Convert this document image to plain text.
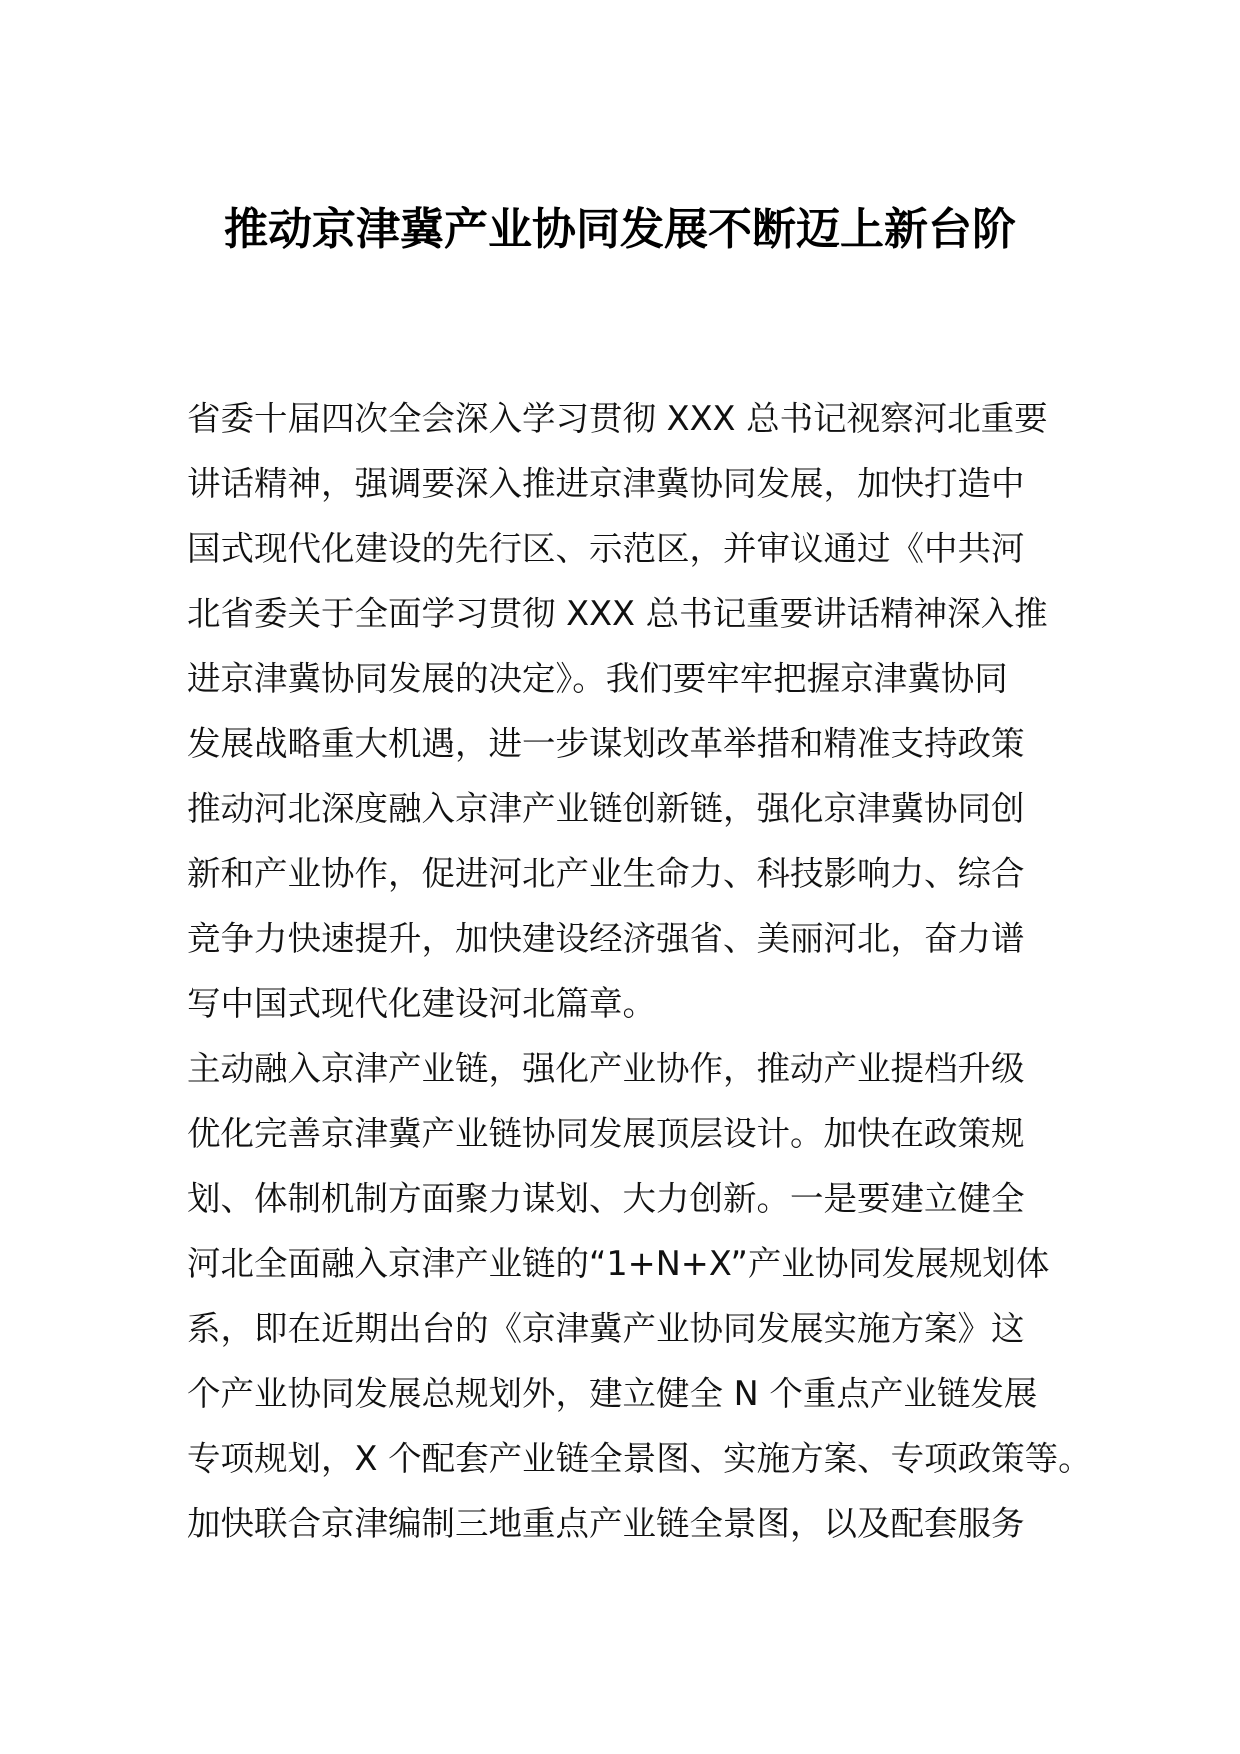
推动京津冀产业协同发展不断迈上新台阶
省委十届四次全会深入学习贯彻 XXX 总书记视察河北重要
讲话精神，强调要深入推进京津冀协同发展，加快打造中
国式现代化建设的先行区、示范区，并审议通过《中共河
北省委关于全面学习贯彻 XXX 总书记重要讲话精神深入推
进京津冀协同发展的决定》。我们要牢牢把握京津冀协同
发展战略重大机遇，进一步谋划改革举措和精准支持政策
推动河北深度融入京津产业链创新链，强化京津冀协同创
新和产业协作，促进河北产业生命力、科技影响力、综合
竞争力快速提升，加快建设经济强省、美丽河北，奋力谱
写中国式现代化建设河北篇章。
主动融入京津产业链，强化产业协作，推动产业提档升级
优化完善京津冀产业链协同发展顶层设计。加快在政策规
划、体制机制方面聚力谋划、大力创新。一是要建立健全
河北全面融入京津产业链的“1+N+X”产业协同发展规划体
系，即在近期出台的《京津冀产业协同发展实施方案》这
个产业协同发展总规划外，建立健全 N 个重点产业链发展
专项规划，X 个配套产业链全景图、实施方案、专项政策等。
加快联合京津编制三地重点产业链全景图，以及配套服务
